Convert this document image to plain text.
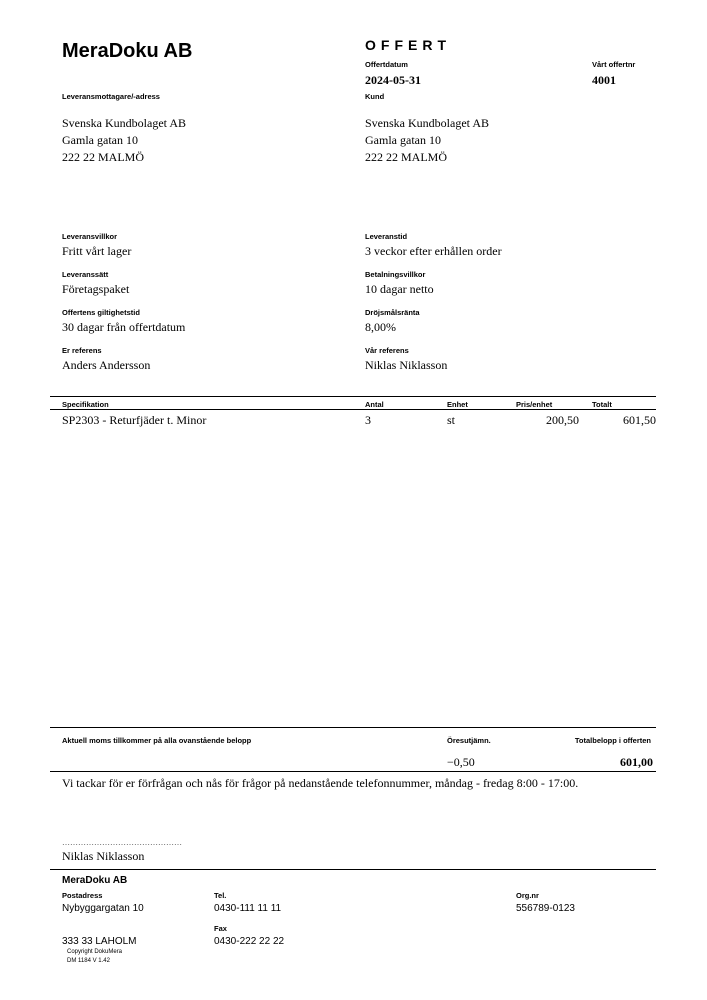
MeraDoku AB	OFFERT
Offertdatum
2024-05-31
Vårt offertnr
4001
Leveransmottagare/-adress
Svenska Kundbolaget AB
Gamla gatan 10
222 22 MALMÖ
Kund
Svenska Kundbolaget AB
Gamla gatan 10
222 22 MALMÖ
Leveransvillkor
Fritt vårt lager
Leveranssätt
Företagspaket
Offertens giltighetstid
30 dagar från offertdatum
Er referens
Anders Andersson
Leveranstid
3 veckor efter erhållen order
Betalningsvillkor
10 dagar netto
Dröjsmålsränta
8,00%
Vår referens
Niklas Niklasson
Specifikation	Antal	Enhet	Pris/enhet	Totalt
SP2303 - Returfjäder t. Minor	3	st	200,50	601,50
Aktuell moms tillkommer på alla ovanstående belopp	Öresutjämn.	Totalbelopp i offerten
−0,50	601,00
Vi tackar för er förfrågan och nås för frågor på nedanstående telefonnummer, måndag - fredag 8:00 - 17:00.
………………………………………
Niklas Niklasson
MeraDoku AB
Postadress
Nybyggargatan 10
333 33 LAHOLM
Tel.
0430-111 11 11
Fax
0430-222 22 22
Org.nr
556789-0123
Copyright DokuMera
DM 1184 V 1.42
